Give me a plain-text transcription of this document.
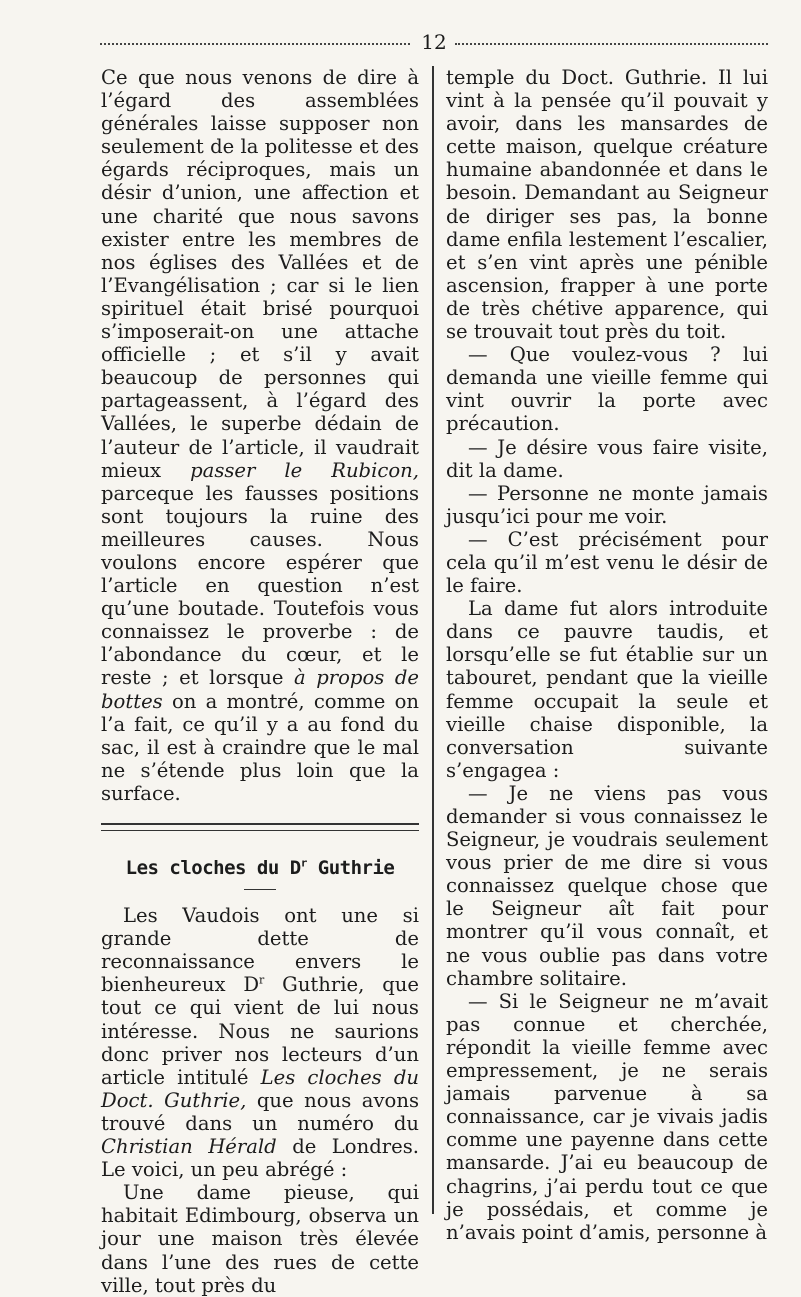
12

Ce que nous venons de dire à l’égard des assemblées générales laisse supposer non seulement de la politesse et des égards réciproques, mais un désir d’union, une affection et une charité que nous savons exister entre les membres de nos églises des Vallées et de l’Evangélisation ; car si le lien spirituel était brisé pourquoi s’imposerait-on une attache officielle ; et s’il y avait beaucoup de personnes qui partageassent, à l’égard des Vallées, le superbe dédain de l’auteur de l’article, il vaudrait mieux passer le Rubicon, parceque les fausses positions sont toujours la ruine des meilleures causes. Nous voulons encore espérer que l’article en question n’est qu’une boutade. Toutefois vous connaissez le proverbe : de l’abondance du cœur, et le reste ; et lorsque à propos de bottes on a montré, comme on l’a fait, ce qu’il y a au fond du sac, il est à craindre que le mal ne s’étende plus loin que la surface.

Les cloches du $D^r$ Guthrie

Les Vaudois ont une si grande dette de reconnaissance envers le bienheureux $D^r$ Guthrie, que tout ce qui vient de lui nous intéresse. Nous ne saurions donc priver nos lecteurs d’un article intitulé Les cloches du Doct. Guthrie, que nous avons trouvé dans un numéro du Christian Hérald de Londres. Le voici, un peu abrégé :

Une dame pieuse, qui habitait Edimbourg, observa un jour une maison très élevée dans l’une des rues de cette ville, tout près du

temple du Doct. Guthrie. Il lui vint à la pensée qu’il pouvait y avoir, dans les mansardes de cette maison, quelque créature humaine abandonnée et dans le besoin. Demandant au Seigneur de diriger ses pas, la bonne dame enfila lestement l’escalier, et s’en vint après une pénible ascension, frapper à une porte de très chétive apparence, qui se trouvait tout près du toit.

— Que voulez-vous ? lui demanda une vieille femme qui vint ouvrir la porte avec précaution.

— Je désire vous faire visite, dit la dame.

— Personne ne monte jamais jusqu’ici pour me voir.

— C’est précisément pour cela qu’il m’est venu le désir de le faire.

La dame fut alors introduite dans ce pauvre taudis, et lorsqu’elle se fut établie sur un tabouret, pendant que la vieille femme occupait la seule et vieille chaise disponible, la conversation suivante s’engagea :

— Je ne viens pas vous demander si vous connaissez le Seigneur, je voudrais seulement vous prier de me dire si vous connaissez quelque chose que le Seigneur aît fait pour montrer qu’il vous connaît, et ne vous oublie pas dans votre chambre solitaire.

— Si le Seigneur ne m’avait pas connue et cherchée, répondit la vieille femme avec empressement, je ne serais jamais parvenue à sa connaissance, car je vivais jadis comme une payenne dans cette mansarde. J’ai eu beaucoup de chagrins, j’ai perdu tout ce que je possédais, et comme je n’avais point d’amis, personne à
